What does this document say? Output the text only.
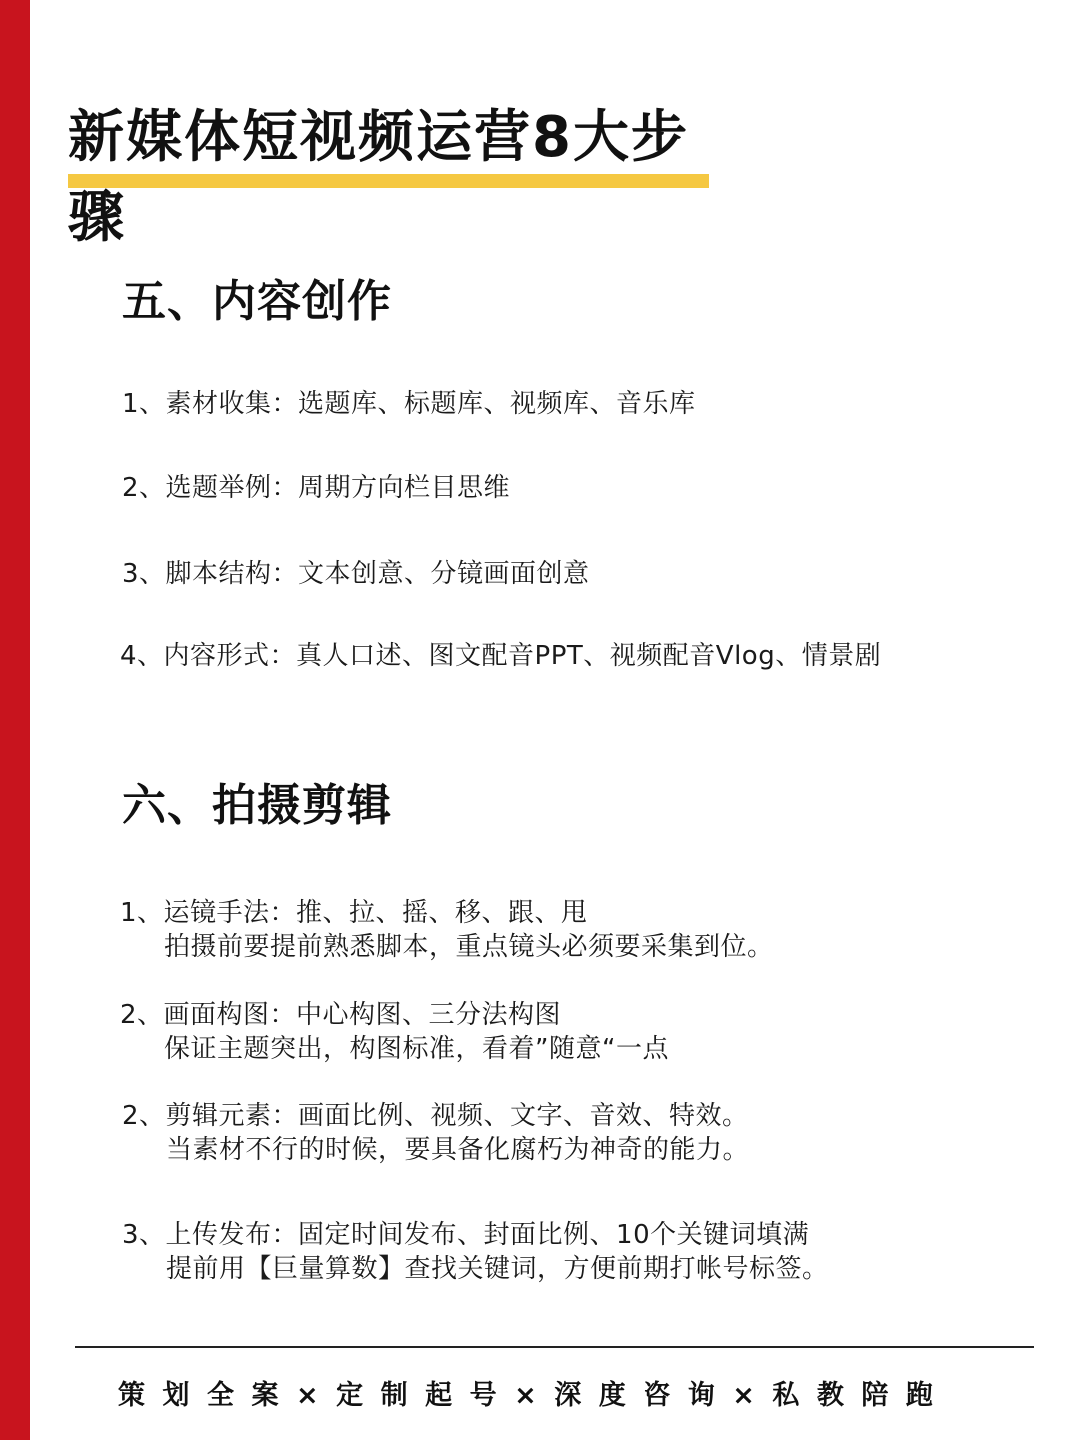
新媒体短视频运营8大步骤
五、内容创作
1、素材收集：选题库、标题库、视频库、音乐库
2、选题举例：周期方向栏目思维
3、脚本结构：文本创意、分镜画面创意
4、内容形式：真人口述、图文配音PPT、视频配音Vlog、情景剧
六、拍摄剪辑
1、运镜手法：推、拉、摇、移、跟、甩
拍摄前要提前熟悉脚本，重点镜头必须要采集到位。
2、画面构图：中心构图、三分法构图
保证主题突出，构图标准，看着”随意“一点
2、剪辑元素：画面比例、视频、文字、音效、特效。
当素材不行的时候，要具备化腐朽为神奇的能力。
3、上传发布：固定时间发布、封面比例、10个关键词填满
提前用【巨量算数】查找关键词，方便前期打帐号标签。
策划全案×定制起号×深度咨询×私教陪跑
